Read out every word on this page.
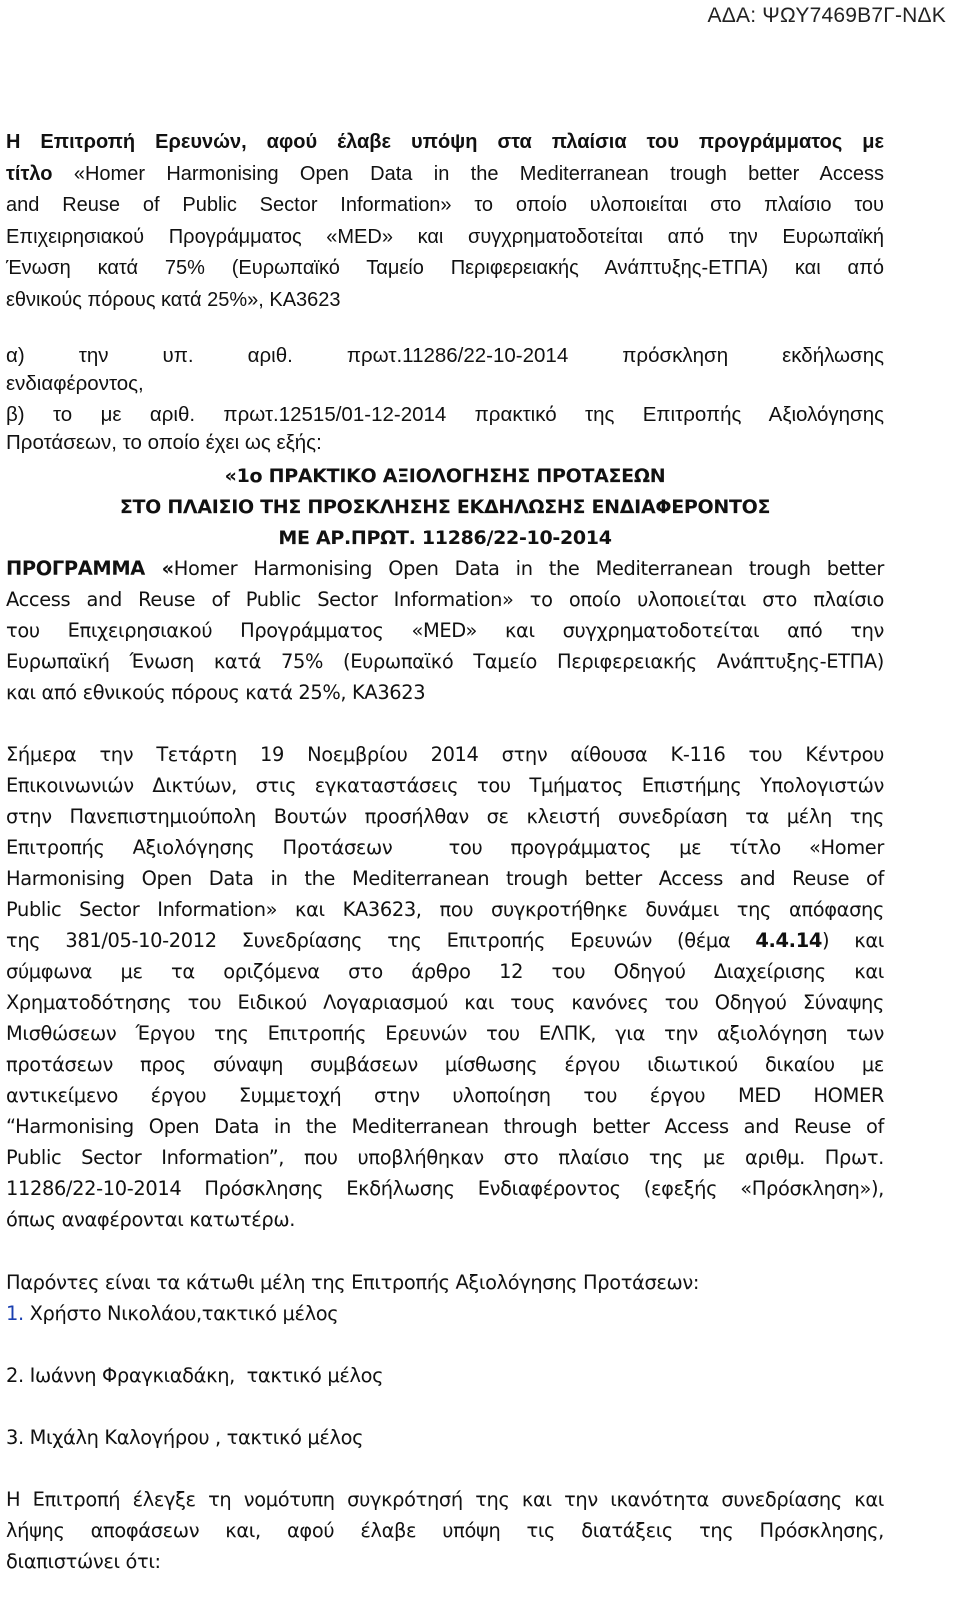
ΑΔΑ: ΨΩΥ7469Β7Γ-ΝΔΚ
Η Επιτροπή Ερευνών, αφού έλαβε υπόψη στα πλαίσια του προγράμματος με
τίτλο «Homer Harmonising Open Data in the Mediterranean trough better Access
and Reuse of Public Sector Information» το οποίο υλοποιείται στο πλαίσιο του
Επιχειρησιακού Προγράμματος «MED» και συγχρηματοδοτείται από την Ευρωπαϊκή
Ένωση κατά 75% (Ευρωπαϊκό Ταμείο Περιφερειακής Ανάπτυξης-ΕΤΠΑ) και από
εθνικούς πόρους κατά 25%», ΚΑ3623
α) την υπ. αριθ. πρωτ.11286/22-10-2014 πρόσκληση εκδήλωσης
ενδιαφέροντος,
β) το με αριθ. πρωτ.12515/01-12-2014 πρακτικό της Επιτροπής Αξιολόγησης
Προτάσεων, το οποίο έχει ως εξής:
«1ο ΠΡΑΚΤΙΚΟ ΑΞΙΟΛΟΓΗΣΗΣ ΠΡΟΤΑΣΕΩΝ
ΣΤΟ ΠΛΑΙΣΙΟ ΤΗΣ ΠΡΟΣΚΛΗΣΗΣ ΕΚΔΗΛΩΣΗΣ ΕΝΔΙΑΦΕΡΟΝΤΟΣ
ΜΕ ΑΡ.ΠΡΩΤ. 11286/22-10-2014
ΠΡΟΓΡΑΜΜΑ «Homer Harmonising Open Data in the Mediterranean trough better
Access and Reuse of Public Sector Information» το οποίο υλοποιείται στο πλαίσιο
του Επιχειρησιακού Προγράμματος «MED» και συγχρηματοδοτείται από την
Ευρωπαϊκή Ένωση κατά 75% (Ευρωπαϊκό Ταμείο Περιφερειακής Ανάπτυξης-ΕΤΠΑ)
και από εθνικούς πόρους κατά 25%, ΚΑ3623
Σήμερα την Τετάρτη 19 Νοεμβρίου 2014 στην αίθουσα Κ-116 του Κέντρου
Επικοινωνιών Δικτύων, στις εγκαταστάσεις του Τμήματος Επιστήμης Υπολογιστών
στην Πανεπιστημιούπολη Βουτών προσήλθαν σε κλειστή συνεδρίαση τα μέλη της
Επιτροπής Αξιολόγησης Προτάσεων  του προγράμματος με τίτλο «Homer
Harmonising Open Data in the Mediterranean trough better Access and Reuse of
Public Sector Information» και ΚΑ3623, που συγκροτήθηκε δυνάμει της απόφασης
της 381/05-10-2012 Συνεδρίασης της Επιτροπής Ερευνών (θέμα 4.4.14) και
σύμφωνα με τα οριζόμενα στο άρθρο 12 του Οδηγού Διαχείρισης και
Χρηματοδότησης του Ειδικού Λογαριασμού και τους κανόνες του Οδηγού Σύναψης
Μισθώσεων Έργου της Επιτροπής Ερευνών του ΕΛΠΚ, για την αξιολόγηση των
προτάσεων προς σύναψη συμβάσεων μίσθωσης έργου ιδιωτικού δικαίου με
αντικείμενο έργου Συμμετοχή στην υλοποίηση του έργου MED HOMER
“Harmonising Open Data in the Mediterranean through better Access and Reuse of
Public Sector Information”, που υποβλήθηκαν στο πλαίσιο της με αριθμ. Πρωτ.
11286/22-10-2014 Πρόσκλησης Εκδήλωσης Ενδιαφέροντος (εφεξής «Πρόσκληση»),
όπως αναφέρονται κατωτέρω.
Παρόντες είναι τα κάτωθι μέλη της Επιτροπής Αξιολόγησης Προτάσεων:
1. Χρήστο Νικολάου,τακτικό μέλος
2. Ιωάννη Φραγκιαδάκη,  τακτικό μέλος
3. Μιχάλη Καλογήρου , τακτικό μέλος
Η Επιτροπή έλεγξε τη νομότυπη συγκρότησή της και την ικανότητα συνεδρίασης και
λήψης αποφάσεων και, αφού έλαβε υπόψη τις διατάξεις της Πρόσκλησης,
διαπιστώνει ότι:
